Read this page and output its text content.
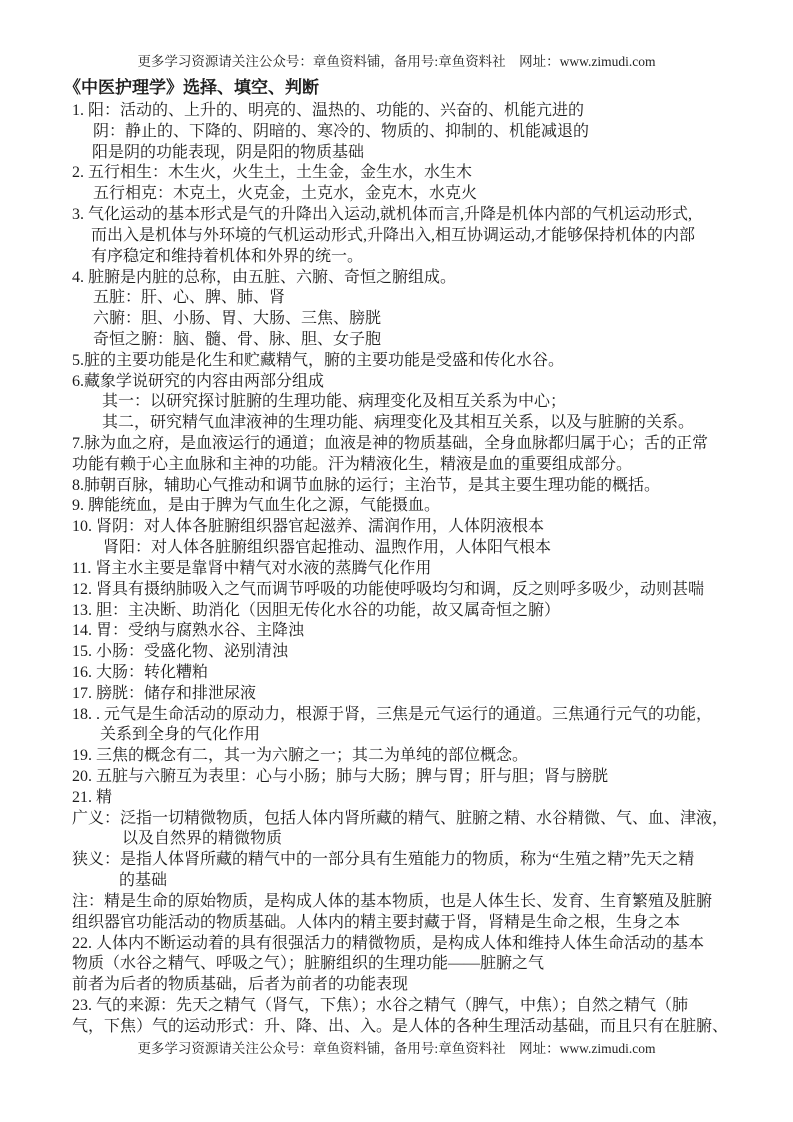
更多学习资源请关注公众号：章鱼资料铺，备用号:章鱼资料社　网址：www.zimudi.com
《中医护理学》选择、填空、判断
1. 阳：活动的、上升的、明亮的、温热的、功能的、兴奋的、机能亢进的
阴：静止的、下降的、阴暗的、寒冷的、物质的、抑制的、机能减退的
阳是阴的功能表现，阴是阳的物质基础
2. 五行相生：木生火，火生土，土生金，金生水，水生木
五行相克：木克土，火克金，土克水，金克木，水克火
3. 气化运动的基本形式是气的升降出入运动,就机体而言,升降是机体内部的气机运动形式,
而出入是机体与外环境的气机运动形式,升降出入,相互协调运动,才能够保持机体的内部
有序稳定和维持着机体和外界的统一。
4. 脏腑是内脏的总称，由五脏、六腑、奇恒之腑组成。
五脏：肝、心、脾、肺、肾
六腑：胆、小肠、胃、大肠、三焦、膀胱
奇恒之腑：脑、髓、骨、脉、胆、女子胞
5.脏的主要功能是化生和贮藏精气，腑的主要功能是受盛和传化水谷。
6.藏象学说研究的内容由两部分组成
其一：以研究探讨脏腑的生理功能、病理变化及相互关系为中心；
其二，研究精气血津液神的生理功能、病理变化及其相互关系，以及与脏腑的关系。
7.脉为血之府，是血液运行的通道；血液是神的物质基础，全身血脉都归属于心；舌的正常
功能有赖于心主血脉和主神的功能。汗为精液化生，精液是血的重要组成部分。
8.肺朝百脉，辅助心气推动和调节血脉的运行；主治节，是其主要生理功能的概括。
9. 脾能统血，是由于脾为气血生化之源，气能摄血。
10. 肾阴：对人体各脏腑组织器官起滋养、濡润作用，人体阴液根本
肾阳：对人体各脏腑组织器官起推动、温煦作用，人体阳气根本
11. 肾主水主要是靠肾中精气对水液的蒸腾气化作用
12. 肾具有摄纳肺吸入之气而调节呼吸的功能使呼吸均匀和调，反之则呼多吸少，动则甚喘
13. 胆：主决断、助消化（因胆无传化水谷的功能，故又属奇恒之腑）
14. 胃：受纳与腐熟水谷、主降浊
15. 小肠：受盛化物、泌别清浊
16. 大肠：转化糟粕
17. 膀胱：储存和排泄尿液
18. . 元气是生命活动的原动力，根源于肾，三焦是元气运行的通道。三焦通行元气的功能，
关系到全身的气化作用
19. 三焦的概念有二，其一为六腑之一；其二为单纯的部位概念。
20. 五脏与六腑互为表里：心与小肠；肺与大肠；脾与胃；肝与胆；肾与膀胱
21. 精
广义：泛指一切精微物质，包括人体内肾所藏的精气、脏腑之精、水谷精微、气、血、津液，
以及自然界的精微物质
狭义：是指人体肾所藏的精气中的一部分具有生殖能力的物质，称为“生殖之精”先天之精
的基础
注：精是生命的原始物质，是构成人体的基本物质，也是人体生长、发育、生育繁殖及脏腑
组织器官功能活动的物质基础。人体内的精主要封藏于肾，肾精是生命之根，生身之本
22. 人体内不断运动着的具有很强活力的精微物质，是构成人体和维持人体生命活动的基本
物质（水谷之精气、呼吸之气）；脏腑组织的生理功能——脏腑之气
前者为后者的物质基础，后者为前者的功能表现
23. 气的来源：先天之精气（肾气，下焦）；水谷之精气（脾气，中焦）；自然之精气（肺
气，下焦）气的运动形式：升、降、出、入。是人体的各种生理活动基础，而且只有在脏腑、
更多学习资源请关注公众号：章鱼资料铺，备用号:章鱼资料社　网址：www.zimudi.com
